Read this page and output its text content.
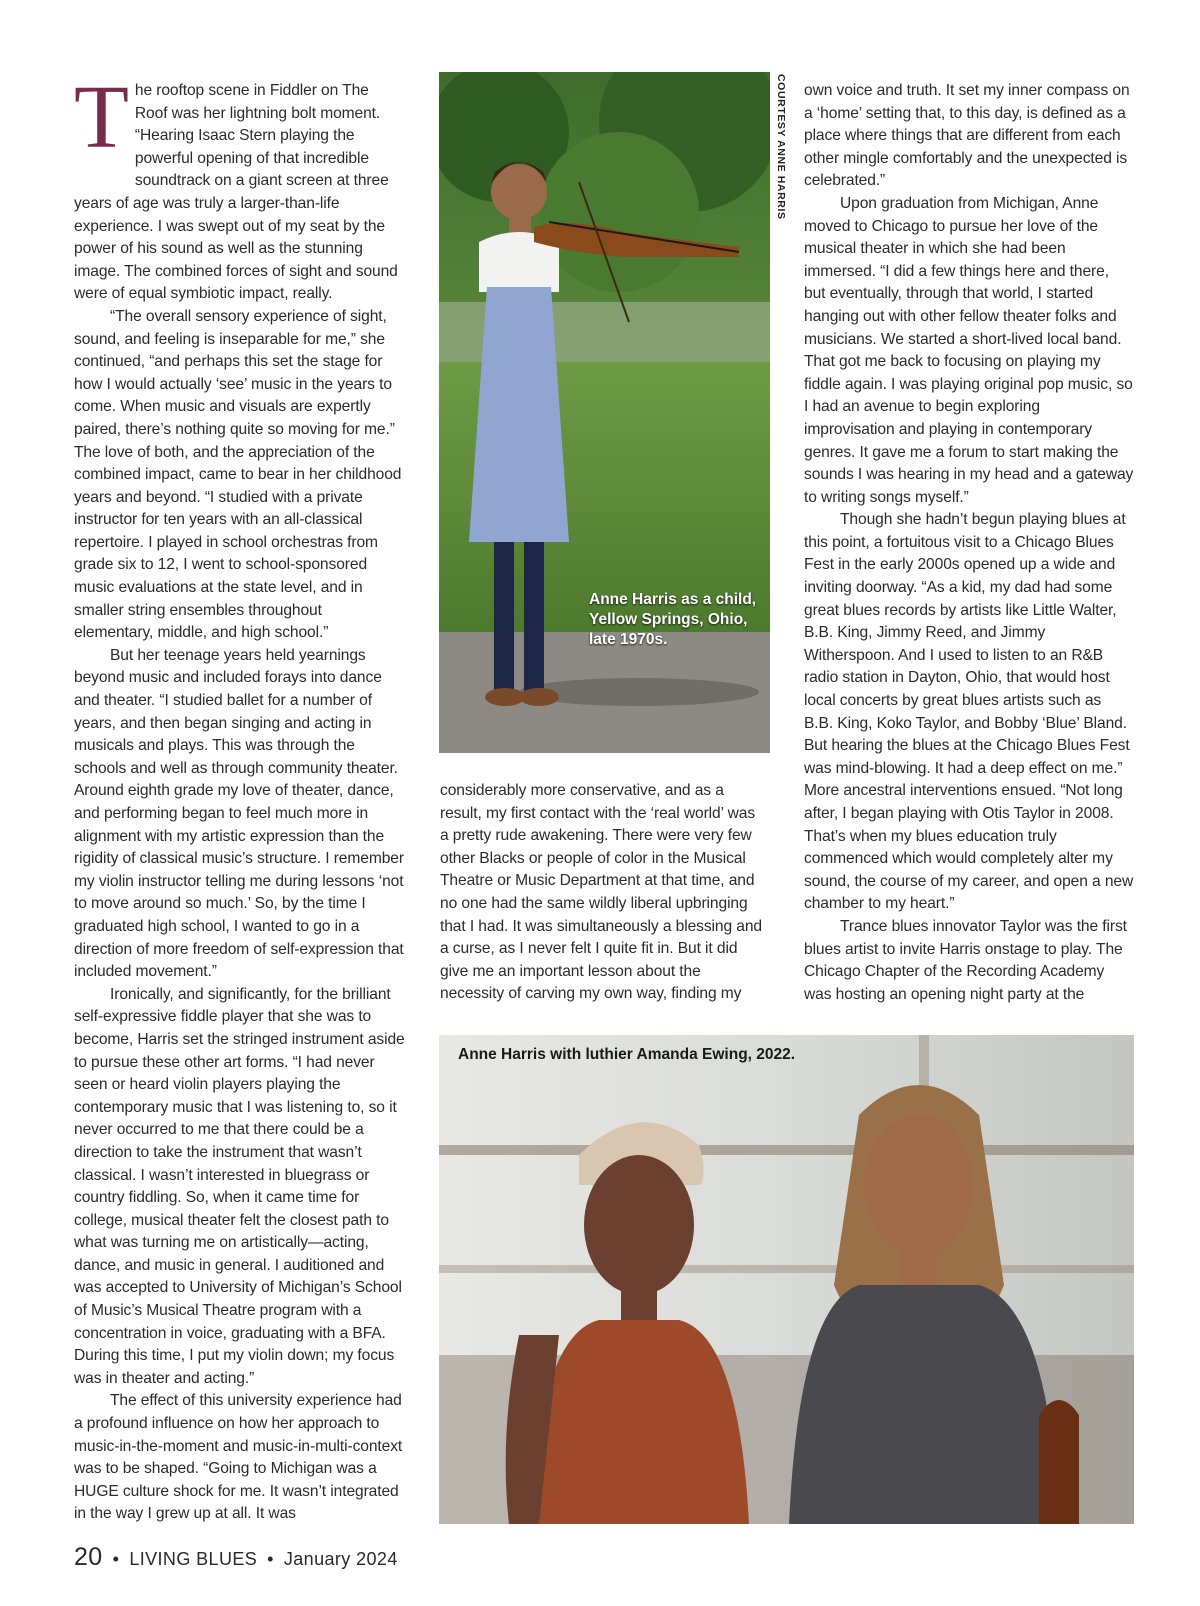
T he rooftop scene in Fiddler on The Roof was her lightning bolt moment. “Hearing Isaac Stern playing the powerful opening of that incredible soundtrack on a giant screen at three years of age was truly a larger-than-life experience. I was swept out of my seat by the power of his sound as well as the stunning image. The combined forces of sight and sound were of equal symbiotic impact, really.

“The overall sensory experience of sight, sound, and feeling is inseparable for me,” she continued, “and perhaps this set the stage for how I would actually ‘see’ music in the years to come. When music and visuals are expertly paired, there’s nothing quite so moving for me.” The love of both, and the appreciation of the combined impact, came to bear in her childhood years and beyond. “I studied with a private instructor for ten years with an all-classical repertoire. I played in school orchestras from grade six to 12, I went to school-sponsored music evaluations at the state level, and in smaller string ensembles throughout elementary, middle, and high school.”

But her teenage years held yearnings beyond music and included forays into dance and theater. “I studied ballet for a number of years, and then began singing and acting in musicals and plays. This was through the schools and well as through community theater. Around eighth grade my love of theater, dance, and performing began to feel much more in alignment with my artistic expression than the rigidity of classical music’s structure. I remember my violin instructor telling me during lessons ‘not to move around so much.’ So, by the time I graduated high school, I wanted to go in a direction of more freedom of self-expression that included movement.”

Ironically, and significantly, for the brilliant self-expressive fiddle player that she was to become, Harris set the stringed instrument aside to pursue these other art forms. “I had never seen or heard violin players playing the contemporary music that I was listening to, so it never occurred to me that there could be a direction to take the instrument that wasn’t classical. I wasn’t interested in bluegrass or country fiddling. So, when it came time for college, musical theater felt the closest path to what was turning me on artistically—acting, dance, and music in general. I auditioned and was accepted to University of Michigan’s School of Music’s Musical Theatre program with a concentration in voice, graduating with a BFA. During this time, I put my violin down; my focus was in theater and acting.”

The effect of this university experience had a profound influence on how her approach to music-in-the-moment and music-in-multi-context was to be shaped. “Going to Michigan was a HUGE culture shock for me. It wasn’t integrated in the way I grew up at all. It was

COURTESY ANNE HARRIS
Anne Harris as a child, Yellow Springs, Ohio, late 1970s.

considerably more conservative, and as a result, my first contact with the ‘real world’ was a pretty rude awakening. There were very few other Blacks or people of color in the Musical Theatre or Music Department at that time, and no one had the same wildly liberal upbringing that I had. It was simultaneously a blessing and a curse, as I never felt I quite fit in. But it did give me an important lesson about the necessity of carving my own way, finding my

own voice and truth. It set my inner compass on a ‘home’ setting that, to this day, is defined as a place where things that are different from each other mingle comfortably and the unexpected is celebrated.”

Upon graduation from Michigan, Anne moved to Chicago to pursue her love of the musical theater in which she had been immersed. “I did a few things here and there, but eventually, through that world, I started hanging out with other fellow theater folks and musicians. We started a short-lived local band. That got me back to focusing on playing my fiddle again. I was playing original pop music, so I had an avenue to begin exploring improvisation and playing in contemporary genres. It gave me a forum to start making the sounds I was hearing in my head and a gateway to writing songs myself.”

Though she hadn’t begun playing blues at this point, a fortuitous visit to a Chicago Blues Fest in the early 2000s opened up a wide and inviting doorway. “As a kid, my dad had some great blues records by artists like Little Walter, B.B. King, Jimmy Reed, and Jimmy Witherspoon. And I used to listen to an R&B radio station in Dayton, Ohio, that would host local concerts by great blues artists such as B.B. King, Koko Taylor, and Bobby ‘Blue’ Bland. But hearing the blues at the Chicago Blues Fest was mind-blowing. It had a deep effect on me.” More ancestral interventions ensued. “Not long after, I began playing with Otis Taylor in 2008. That’s when my blues education truly commenced which would completely alter my sound, the course of my career, and open a new chamber to my heart.”

Trance blues innovator Taylor was the first blues artist to invite Harris onstage to play. The Chicago Chapter of the Recording Academy was hosting an opening night party at the

Anne Harris with luthier Amanda Ewing, 2022.
20 • LIVING BLUES • January 2024
